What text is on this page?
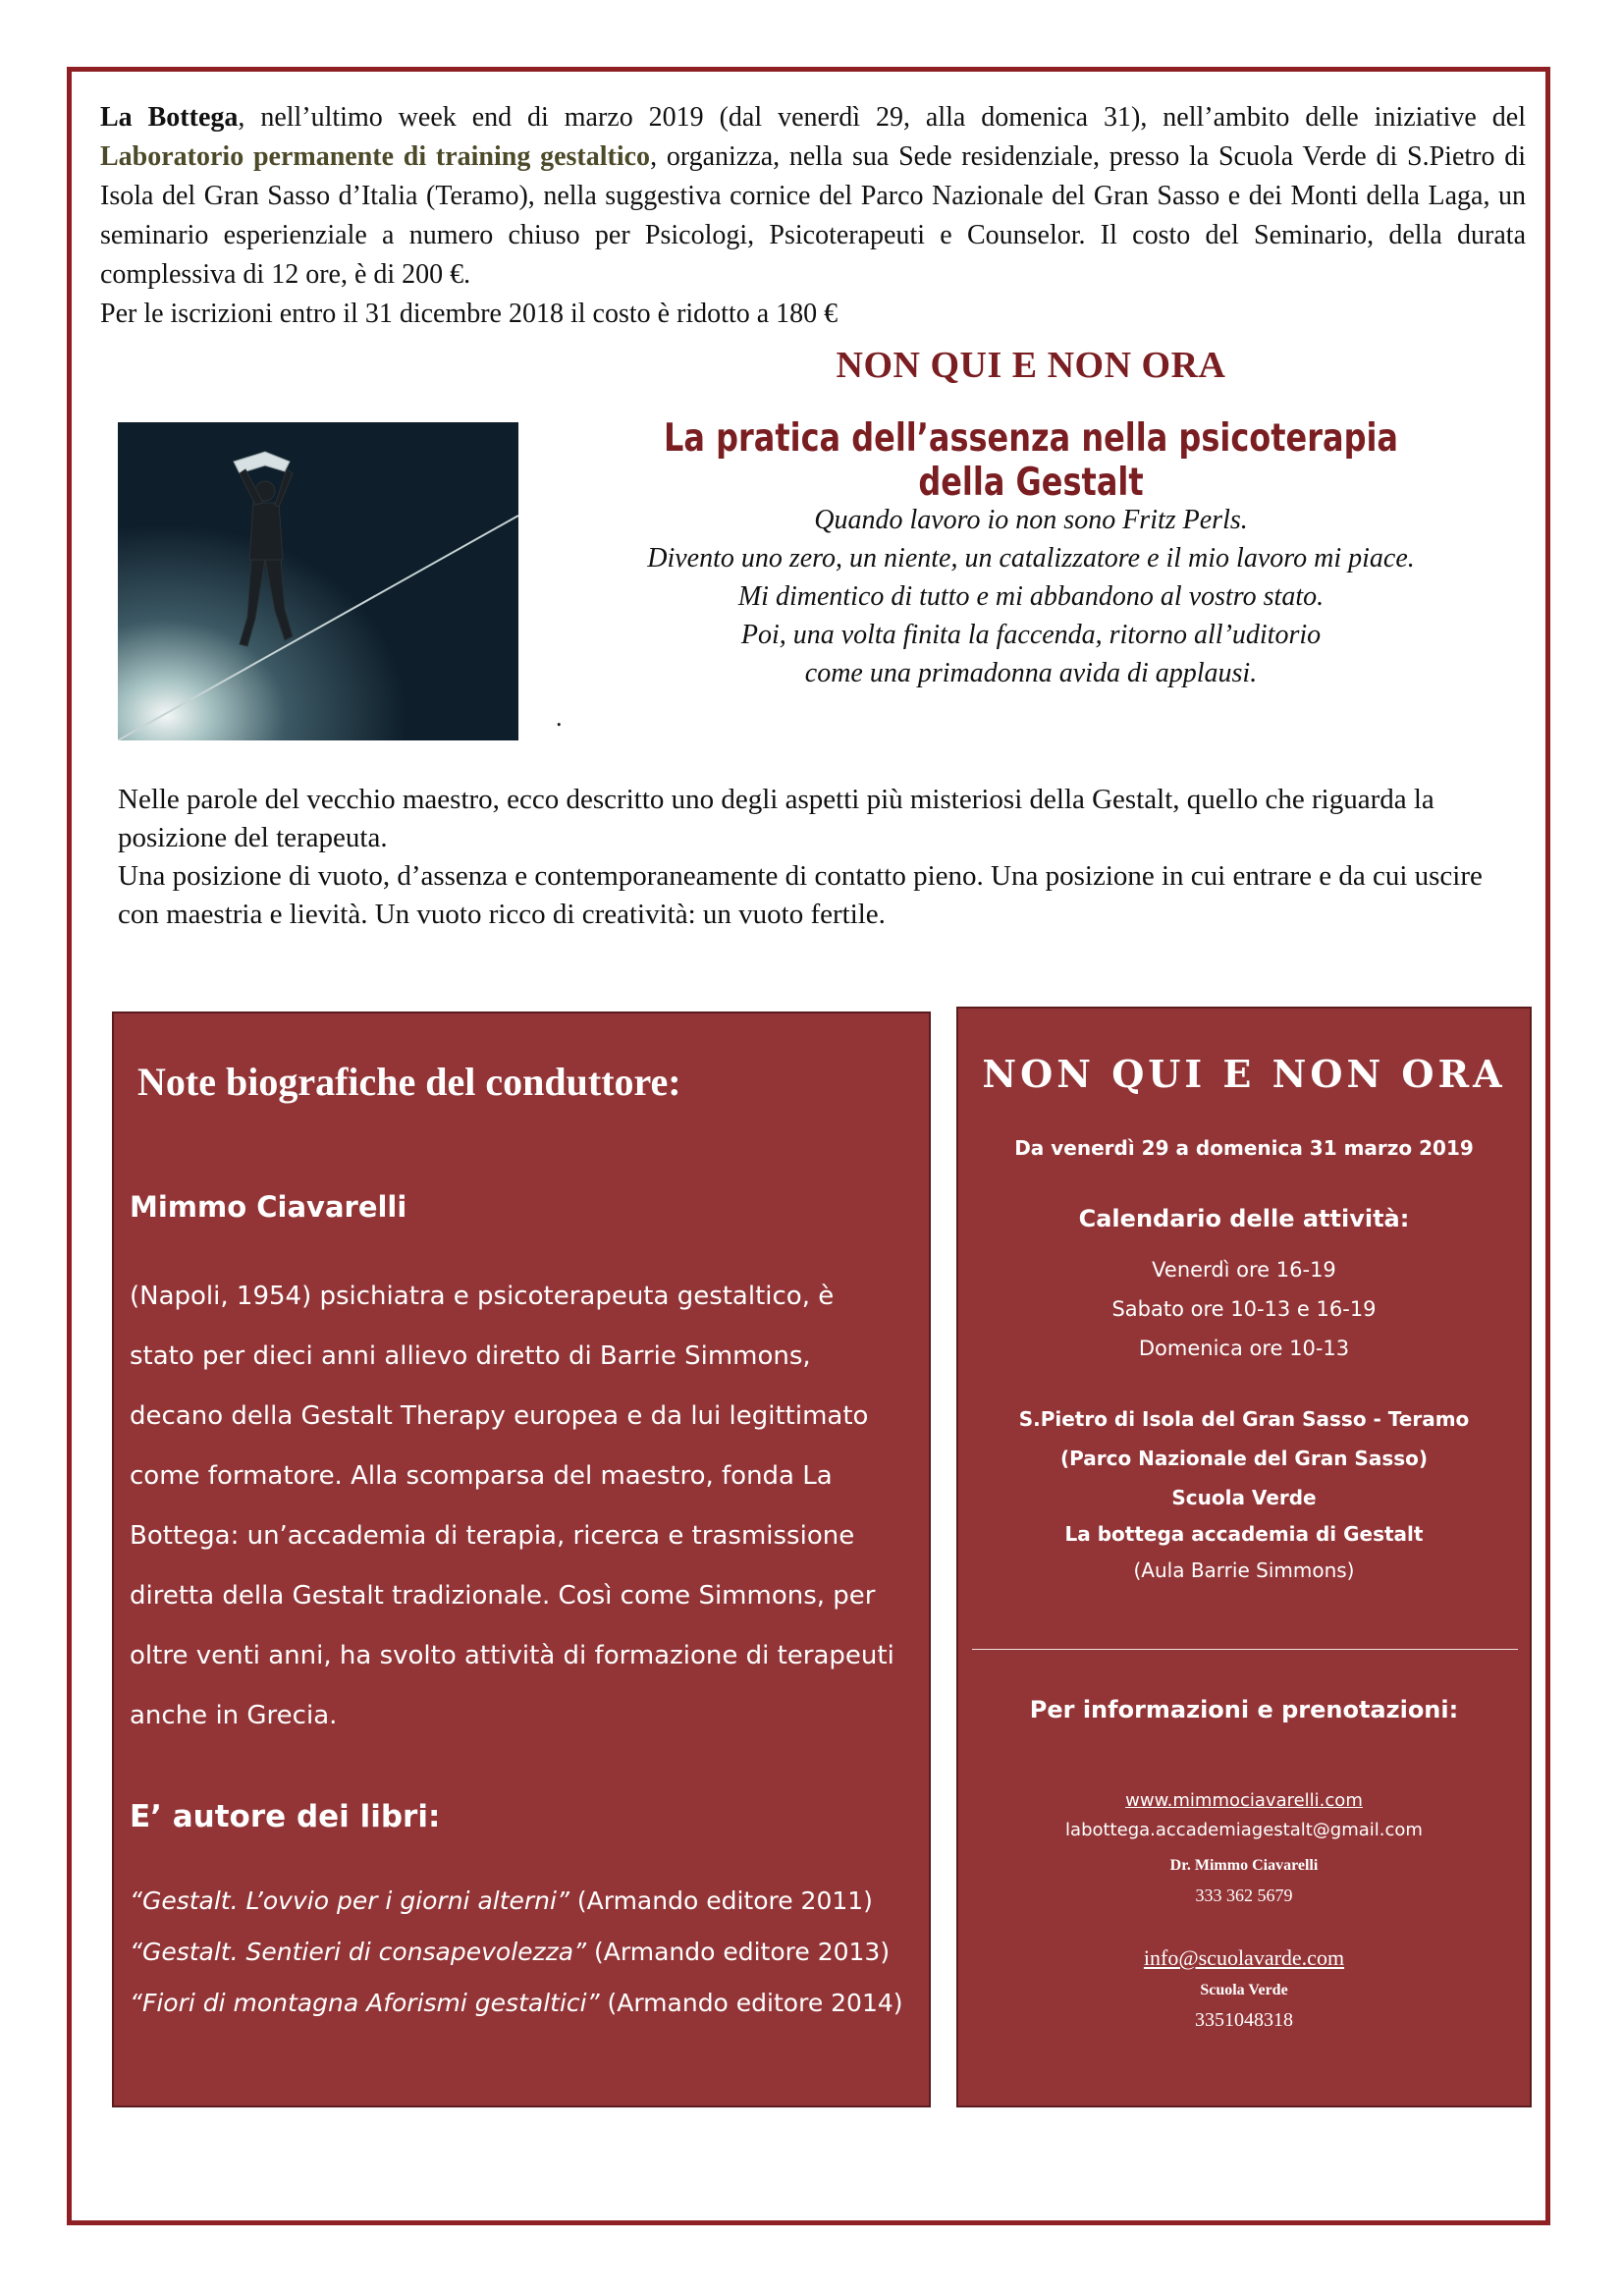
La Bottega, nell’ultimo week end di marzo 2019 (dal venerdì 29, alla domenica 31), nell’ambito delle iniziative del Laboratorio permanente di training gestaltico, organizza, nella sua Sede residenziale, presso la Scuola Verde di S.Pietro di Isola del Gran Sasso d’Italia (Teramo), nella suggestiva cornice del Parco Nazionale del Gran Sasso e dei Monti della Laga, un seminario esperienziale a numero chiuso per Psicologi, Psicoterapeuti e Counselor. Il costo del Seminario, della durata complessiva di 12 ore, è di 200 €.
Per le iscrizioni entro il 31 dicembre 2018 il costo è ridotto a 180 €
NON QUI E NON ORA
La pratica dell’assenza nella psicoterapia della Gestalt
Quando lavoro io non sono Fritz Perls.
Divento uno zero, un niente, un catalizzatore e il mio lavoro mi piace.
Mi dimentico di tutto e mi abbandono al vostro stato.
Poi, una volta finita la faccenda, ritorno all’uditorio
come una primadonna avida di applausi.
.
Nelle parole del vecchio maestro, ecco descritto uno degli aspetti più misteriosi della Gestalt, quello che riguarda la posizione del terapeuta.
Una posizione di vuoto, d’assenza e contemporaneamente di contatto pieno. Una posizione in cui entrare e da cui uscire con maestria e lievità. Un vuoto ricco di creatività: un vuoto fertile.
Note biografiche del conduttore:
Mimmo Ciavarelli
(Napoli, 1954) psichiatra e psicoterapeuta gestaltico, è stato per dieci anni allievo diretto di Barrie Simmons, decano della Gestalt Therapy europea e da lui legittimato come formatore. Alla scomparsa del maestro, fonda La Bottega: un’accademia di terapia, ricerca e trasmissione diretta della Gestalt tradizionale. Così come Simmons, per oltre venti anni, ha svolto attività di formazione di terapeuti anche in Grecia.
E’ autore dei libri:
“Gestalt. L’ovvio per i giorni alterni” (Armando editore 2011)
“Gestalt. Sentieri di consapevolezza” (Armando editore 2013)
“Fiori di montagna Aforismi gestaltici” (Armando editore 2014)
NON QUI E NON ORA
Da venerdì 29 a domenica 31 marzo 2019
Calendario delle attività:
Venerdì ore 16-19
Sabato ore 10-13 e 16-19
Domenica ore 10-13
S.Pietro di Isola del Gran Sasso - Teramo
(Parco Nazionale del Gran Sasso)
Scuola Verde
La bottega accademia di Gestalt
(Aula Barrie Simmons)
Per informazioni e prenotazioni:
www.mimmociavarelli.com
labottega.accademiagestalt@gmail.com
Dr. Mimmo Ciavarelli
333 362 5679
info@scuolavarde.com
Scuola Verde
3351048318
